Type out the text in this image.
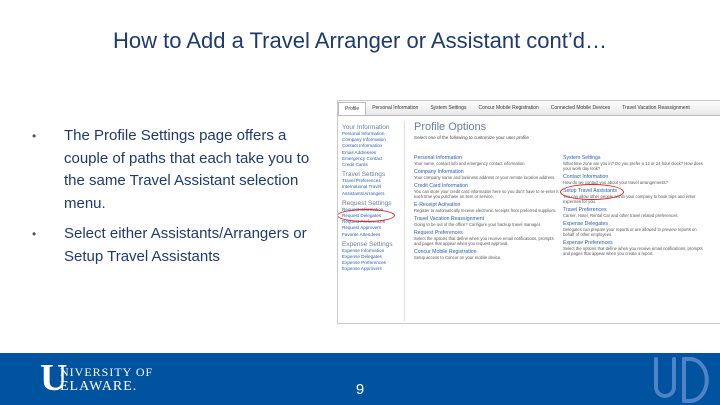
How to Add a Travel Arranger or Assistant cont’d…
• The Profile Settings page offers a couple of paths that each take you to the same Travel Assistant selection menu.
• Select either Assistants/Arrangers or Setup Travel Assistants
Profile	Personal Information	System Settings	Concur Mobile Registration	Connected Mobile Devices	Travel Vacation Reassignment
Your Information
Personal Information
Company Information
Contact Information
Email Addresses
Emergency Contact
Credit Cards
Travel Settings
Travel Preferences
International Travel
Assistants/Arrangers
Request Settings
Request Information
Request Delegates
Request Preferences
Request Approvers
Favorite Attendees
Expense Settings
Expense Information
Expense Delegates
Expense Preferences
Expense Approvers
Profile Options
Select one of the following to customize your user profile
Personal Information
Your name, contact info and emergency contact information.
Company Information
Your company name and business address or your remote location address.
Credit Card Information
You can store your credit card information here so you don't have to re-enter it each time you purchase an item or service.
E-Receipt Activation
Register to automatically receive electronic receipts from preferred suppliers.
Travel Vacation Reassignment
Going to be out of the office? Configure your backup travel manager.
Request Preferences
Select the options that define when you receive email notifications, prompts and pages that appear when you request approval.
Concur Mobile Registration
Setup access to Concur on your mobile device.
System Settings
What time zone are you in? Do you prefer a 12 or 24 hour clock? How does your work day look?
Contact Information
How do we contact you about your travel arrangements?
Setup Travel Assistants
You can allow other people within your company to book trips and enter expenses for you.
Travel Preferences
Carrier, Hotel, Rental Car and other travel related preferences.
Expense Delegates
Delegates can prepare your reports or are allowed to preview reports on behalf of other employees.
Expense Preferences
Select the options that define when you receive email notifications, prompts and pages that appear when you create a report.
U
NIVERSITY OF
ELAWARE.	9
